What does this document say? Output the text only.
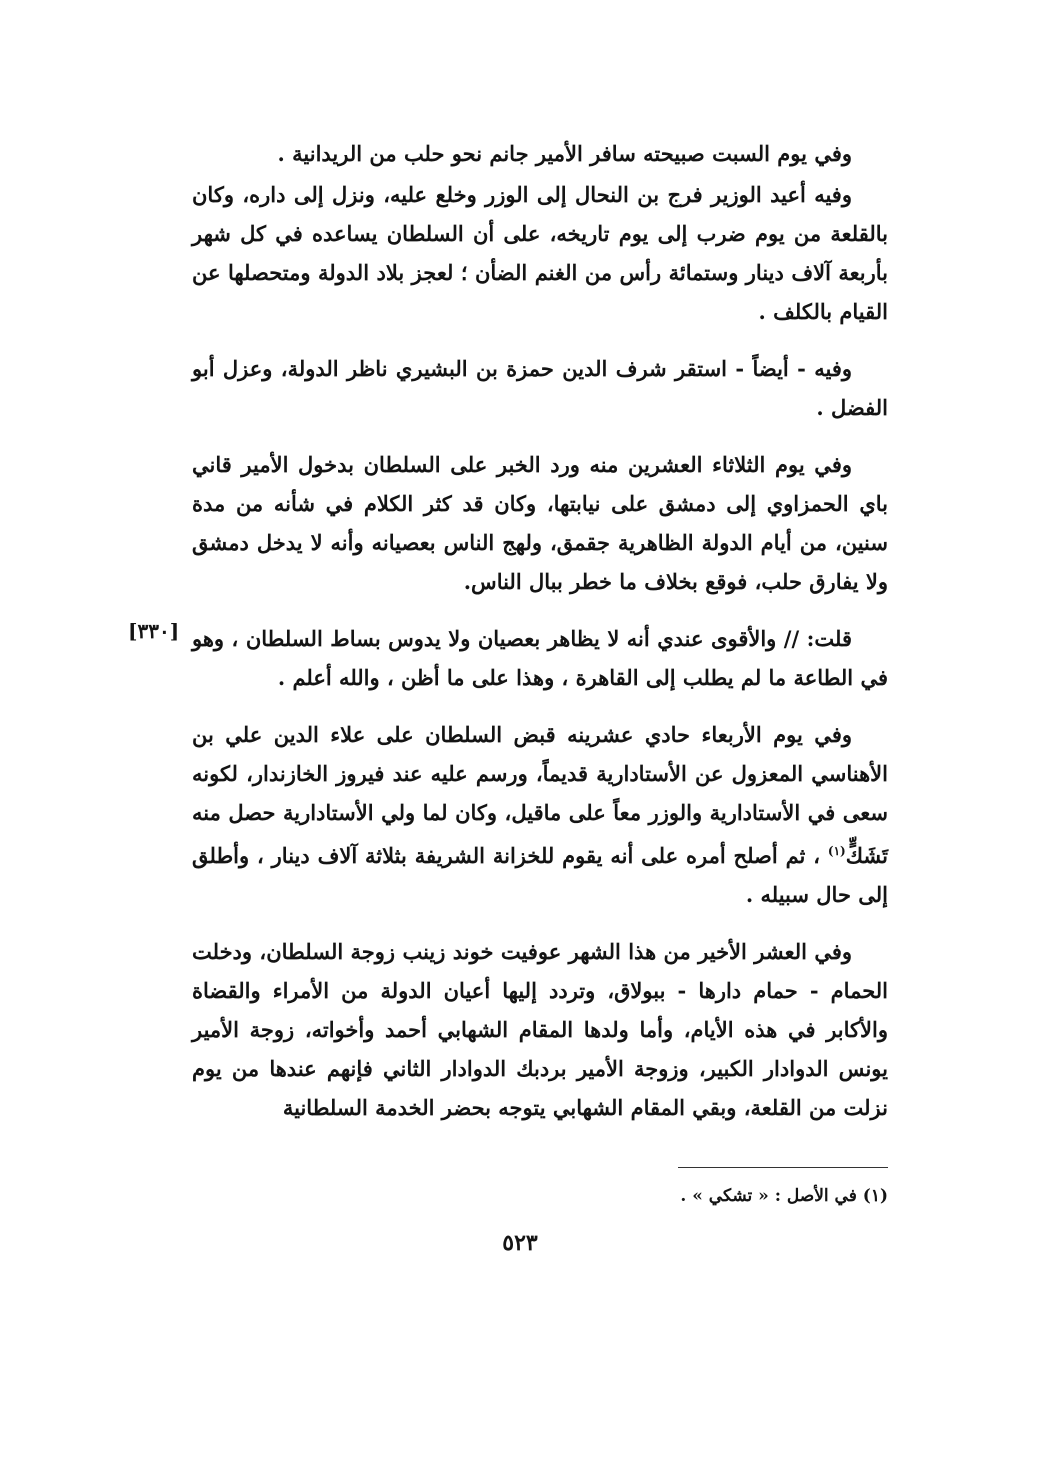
وفي يوم السبت صبيحته سافر الأمير جانم نحو حلب من الريدانية .

وفيه أعيد الوزير فرج بن النحال إلى الوزر وخلع عليه، ونزل إلى داره، وكان بالقلعة من يوم ضرب إلى يوم تاريخه، على أن السلطان يساعده في كل شهر بأربعة آلاف دينار وستمائة رأس من الغنم الضأن ؛ لعجز بلاد الدولة ومتحصلها عن القيام بالكلف .

وفيه - أيضاً - استقر شرف الدين حمزة بن البشيري ناظر الدولة، وعزل أبو الفضل .

وفي يوم الثلاثاء العشرين منه ورد الخبر على السلطان بدخول الأمير قاني باي الحمزاوي إلى دمشق على نيابتها، وكان قد كثر الكلام في شأنه من مدة سنين، من أيام الدولة الظاهرية جقمق، ولهج الناس بعصيانه وأنه لا يدخل دمشق ولا يفارق حلب، فوقع بخلاف ما خطر ببال الناس.

قلت: // والأقوى عندي أنه لا يظاهر بعصيان ولا يدوس بساط السلطان ، وهو في الطاعة ما لم يطلب إلى القاهرة ، وهذا على ما أظن ، والله أعلم .

وفي يوم الأربعاء حادي عشرينه قبض السلطان على علاء الدين علي بن الأهناسي المعزول عن الأستادارية قديماً، ورسم عليه عند فيروز الخازندار، لكونه سعى في الأستادارية والوزر معاً على ماقيل، وكان لما ولي الأستادارية حصل منه تَشَكٍّ$^{(١)}$ ، ثم أصلح أمره على أنه يقوم للخزانة الشريفة بثلاثة آلاف دينار ، وأطلق إلى حال سبيله .

وفي العشر الأخير من هذا الشهر عوفيت خوند زينب زوجة السلطان، ودخلت الحمام - حمام دارها - ببولاق، وتردد إليها أعيان الدولة من الأمراء والقضاة والأكابر في هذه الأيام، وأما ولدها المقام الشهابي أحمد وأخواته، زوجة الأمير يونس الدوادار الكبير، وزوجة الأمير بردبك الدوادار الثاني فإنهم عندها من يوم نزلت من القلعة، وبقي المقام الشهابي يتوجه بحضر الخدمة السلطانية

[٣٣٠]
(١) في الأصل : « تشكي » .
٥٢٣
